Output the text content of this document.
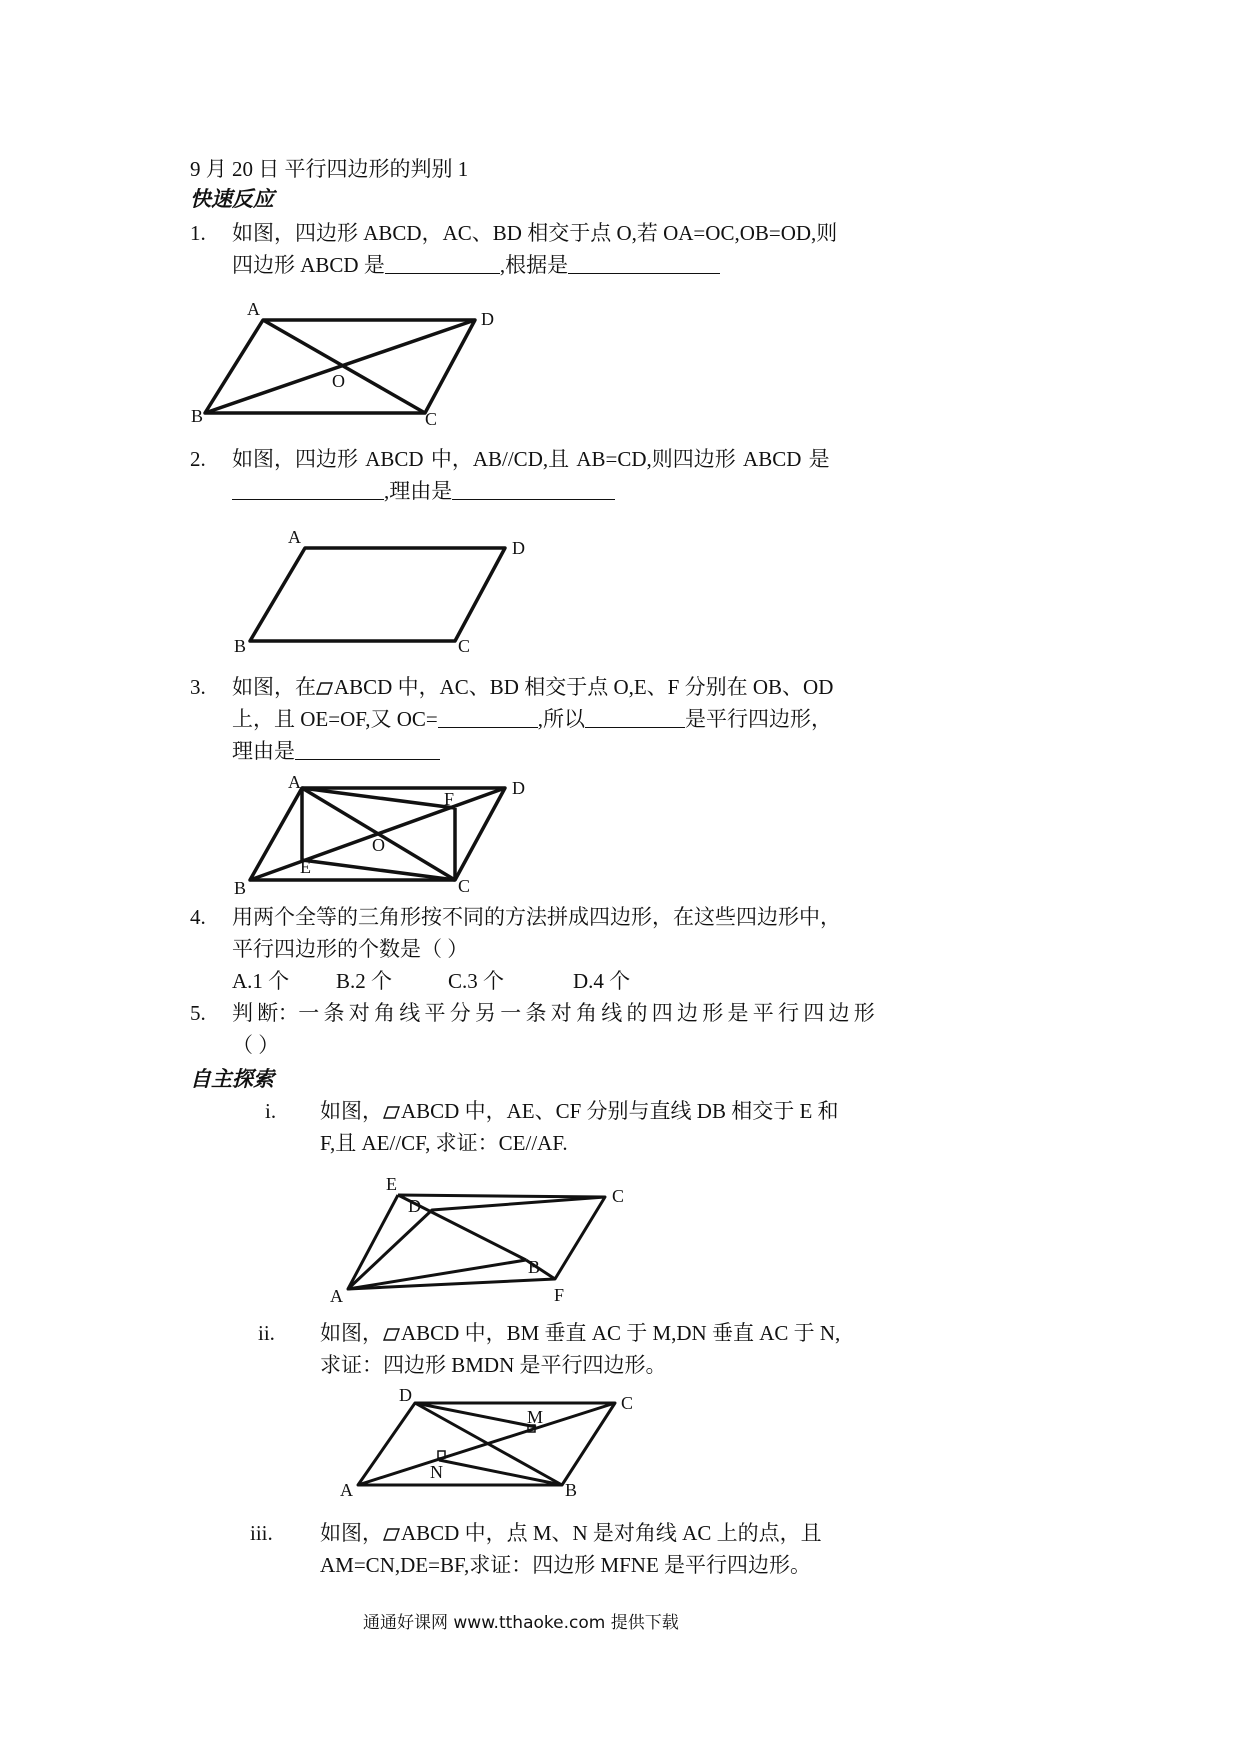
9 月 20 日 平行四边形的判别 1
快速反应
1. 如图，四边形 ABCD，AC、BD 相交于点 O,若 OA=OC,OB=OD,则
四边形 ABCD 是	,根据是
A	D
O
B	C
2. 如图，四边形 ABCD 中，AB//CD,且 AB=CD,则四边形 ABCD 是
,理由是
A
D
B	C
3. 如图，在 ABCD 中，AC、BD 相交于点 O,E、F 分别在 OB、OD
上，且 OE=OF,又 OC=	,所以	是平行四边形，
理由是
A
F
D
O
E
B	C
4. 用两个全等的三角形按不同的方法拼成四边形，在这些四边形中，
平行四边形的个数是（ ）
A.1 个 B.2 个	C.3 个	D.4 个
5. 判 断：一 条 对 角 线 平 分 另 一 条 对 角 线 的 四 边 形 是 平 行 四 边 形
（ ）
自主探索
i. 如图， ABCD 中，AE、CF 分别与直线 DB 相交于 E 和
F,且 AE//CF, 求证：CE//AF.
E
D	C
B
A	F
ii. 如图， ABCD 中，BM 垂直 AC 于 M,DN 垂直 AC 于 N,
求证：四边形 BMDN 是平行四边形。
D	C
M
N
A	B
iii. 如图， ABCD 中，点 M、N 是对角线 AC 上的点，且
AM=CN,DE=BF,求证：四边形 MFNE 是平行四边形。
通通好课网 www.tthaoke.com 提供下载
